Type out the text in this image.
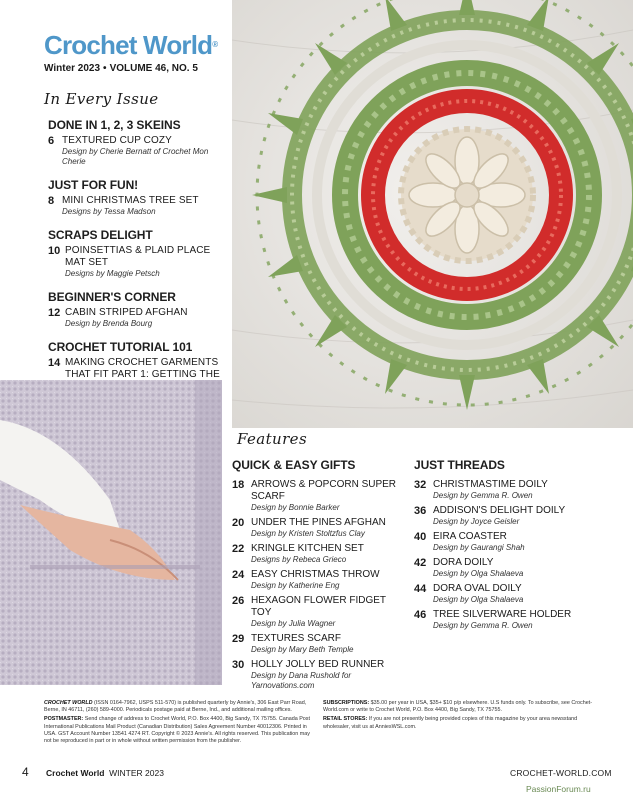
Crochet World®
Winter 2023 • VOLUME 46, NO. 5
In Every Issue
DONE IN 1, 2, 3 SKEINS
6 TEXTURED CUP COZY
Design by Cherie Bernatt of Crochet Mon Cherie
JUST FOR FUN!
8 MINI CHRISTMAS TREE SET
Designs by Tessa Madson
SCRAPS DELIGHT
10 POINSETTIAS & PLAID PLACE MAT SET
Designs by Maggie Petsch
BEGINNER'S CORNER
12 CABIN STRIPED AFGHAN
Design by Brenda Bourg
CROCHET TUTORIAL 101
14 MAKING CROCHET GARMENTS THAT FIT PART 1: GETTING THE
Features
QUICK & EASY GIFTS
18 ARROWS & POPCORN SUPER SCARF
Design by Bonnie Barker
20 UNDER THE PINES AFGHAN
Design by Kristen Stoltzfus Clay
22 KRINGLE KITCHEN SET
Designs by Rebeca Grieco
24 EASY CHRISTMAS THROW
Design by Katherine Eng
26 HEXAGON FLOWER FIDGET TOY
Design by Julia Wagner
29 TEXTURES SCARF
Design by Mary Beth Temple
30 HOLLY JOLLY BED RUNNER
Design by Dana Rushold for Yarnovations.com
JUST THREADS
32 CHRISTMASTIME DOILY
Design by Gemma R. Owen
36 ADDISON'S DELIGHT DOILY
Design by Joyce Geisler
40 EIRA COASTER
Design by Gaurangi Shah
42 DORA DOILY
Design by Olga Shalaeva
44 DORA OVAL DOILY
Design by Olga Shalaeva
46 TREE SILVERWARE HOLDER
Design by Gemma R. Owen

CROCHET WORLD (ISSN 0164-7962, USPS 511-570) is published quarterly by Annie's, 306 East Parr Road, Berne, IN 46711, (260) 589-4000. Periodicals postage paid at Berne, Ind., and additional mailing offices.

POSTMASTER: Send change of address to Crochet World, P.O. Box 4400, Big Sandy, TX 75755. Canada Post International Publications Mail Product (Canadian Distribution) Sales Agreement Number 40012306. Printed in USA. GST Account Number 13541 4274 RT. Copyright © 2023 Annie's. All rights reserved. This publication may not be reproduced in part or in whole without written permission from the publisher.

SUBSCRIPTIONS: $35.00 per year in USA, $35+ $10 p/p elsewhere. U.S funds only. To subscribe, see Crochet-World.com or write to Crochet World, P.O. Box 4400, Big Sandy, TX 75755.

RETAIL STORES: If you are not presently being provided copies of this magazine by your area newsstand wholesaler, visit us at AnniesWSL.com.

4 Crochet World WINTER 2023	CROCHET-WORLD.COM
PassionForum.ru
